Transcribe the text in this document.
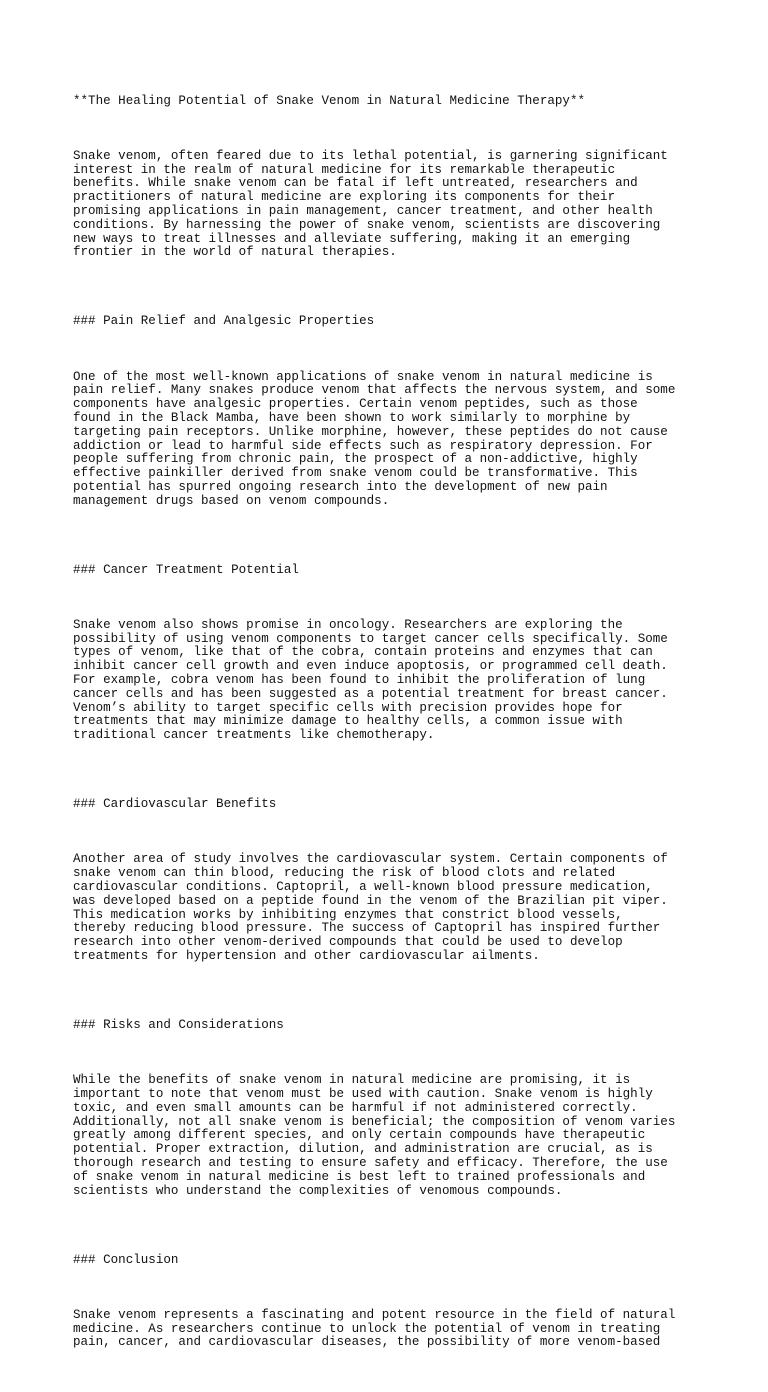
**The Healing Potential of Snake Venom in Natural Medicine Therapy**

Snake venom, often feared due to its lethal potential, is garnering significant
interest in the realm of natural medicine for its remarkable therapeutic
benefits. While snake venom can be fatal if left untreated, researchers and
practitioners of natural medicine are exploring its components for their
promising applications in pain management, cancer treatment, and other health
conditions. By harnessing the power of snake venom, scientists are discovering
new ways to treat illnesses and alleviate suffering, making it an emerging
frontier in the world of natural therapies.

### Pain Relief and Analgesic Properties

One of the most well-known applications of snake venom in natural medicine is
pain relief. Many snakes produce venom that affects the nervous system, and some
components have analgesic properties. Certain venom peptides, such as those
found in the Black Mamba, have been shown to work similarly to morphine by
targeting pain receptors. Unlike morphine, however, these peptides do not cause
addiction or lead to harmful side effects such as respiratory depression. For
people suffering from chronic pain, the prospect of a non-addictive, highly
effective painkiller derived from snake venom could be transformative. This
potential has spurred ongoing research into the development of new pain
management drugs based on venom compounds.

### Cancer Treatment Potential

Snake venom also shows promise in oncology. Researchers are exploring the
possibility of using venom components to target cancer cells specifically. Some
types of venom, like that of the cobra, contain proteins and enzymes that can
inhibit cancer cell growth and even induce apoptosis, or programmed cell death.
For example, cobra venom has been found to inhibit the proliferation of lung
cancer cells and has been suggested as a potential treatment for breast cancer.
Venom’s ability to target specific cells with precision provides hope for
treatments that may minimize damage to healthy cells, a common issue with
traditional cancer treatments like chemotherapy.

### Cardiovascular Benefits

Another area of study involves the cardiovascular system. Certain components of
snake venom can thin blood, reducing the risk of blood clots and related
cardiovascular conditions. Captopril, a well-known blood pressure medication,
was developed based on a peptide found in the venom of the Brazilian pit viper.
This medication works by inhibiting enzymes that constrict blood vessels,
thereby reducing blood pressure. The success of Captopril has inspired further
research into other venom-derived compounds that could be used to develop
treatments for hypertension and other cardiovascular ailments.

### Risks and Considerations

While the benefits of snake venom in natural medicine are promising, it is
important to note that venom must be used with caution. Snake venom is highly
toxic, and even small amounts can be harmful if not administered correctly.
Additionally, not all snake venom is beneficial; the composition of venom varies
greatly among different species, and only certain compounds have therapeutic
potential. Proper extraction, dilution, and administration are crucial, as is
thorough research and testing to ensure safety and efficacy. Therefore, the use
of snake venom in natural medicine is best left to trained professionals and
scientists who understand the complexities of venomous compounds.

### Conclusion

Snake venom represents a fascinating and potent resource in the field of natural
medicine. As researchers continue to unlock the potential of venom in treating
pain, cancer, and cardiovascular diseases, the possibility of more venom-based
